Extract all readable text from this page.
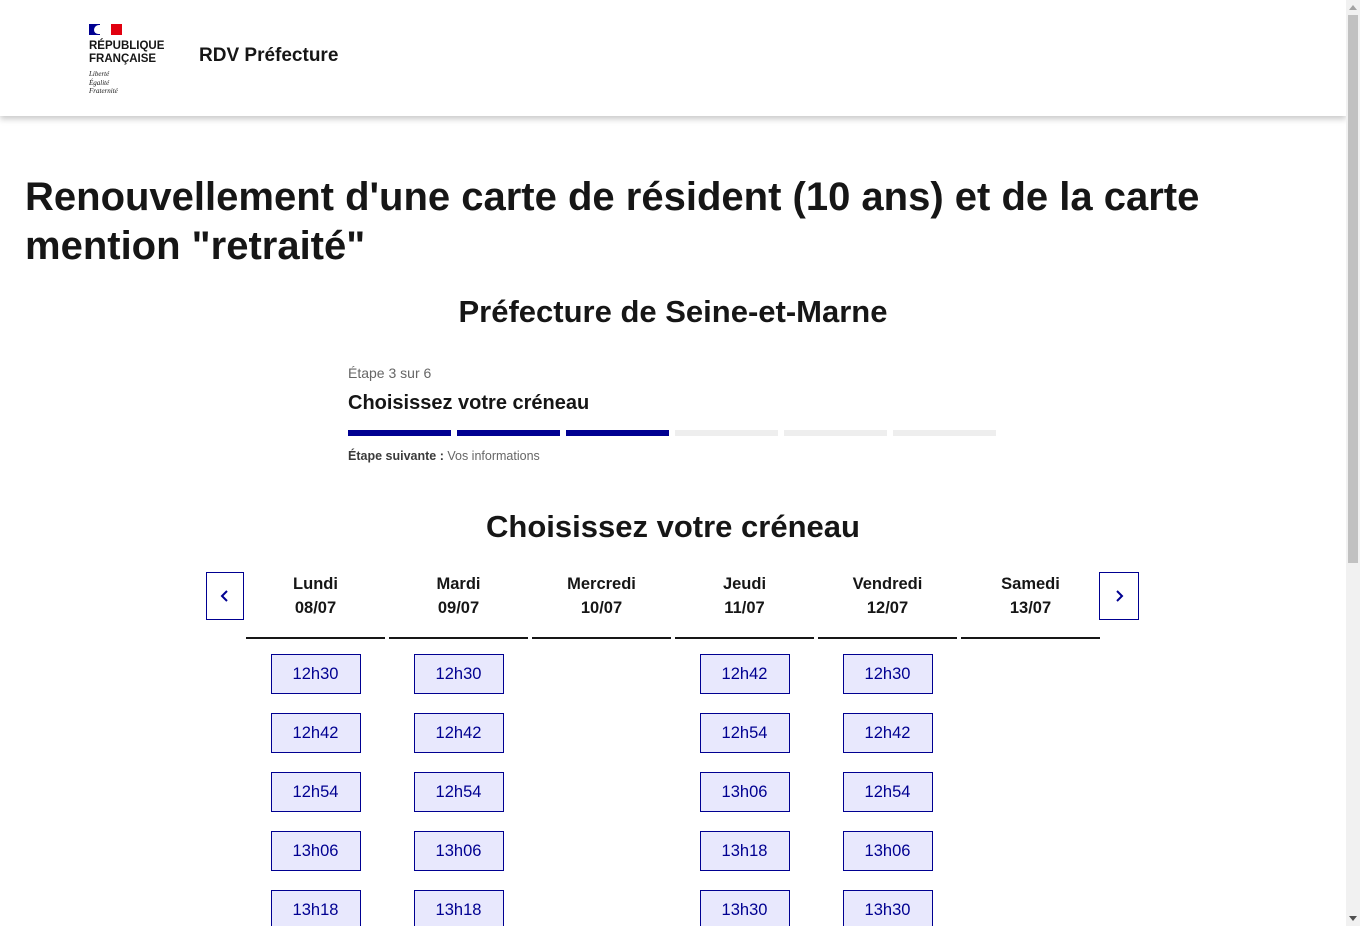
RÉPUBLIQUE
FRANÇAISE
Liberté
Égalité
Fraternité
RDV Préfecture
Renouvellement d'une carte de résident (10 ans) et de la carte mention "retraité"
Préfecture de Seine-et-Marne
Étape 3 sur 6
Choisissez votre créneau
Étape suivante : Vos informations
Choisissez votre créneau
Lundi
08/07
12h30
12h42
12h54
13h06
13h18
Mardi
09/07
12h30
12h42
12h54
13h06
13h18
Mercredi
10/07
Jeudi
11/07
12h42
12h54
13h06
13h18
13h30
Vendredi
12/07
12h30
12h42
12h54
13h06
13h30
Samedi
13/07
